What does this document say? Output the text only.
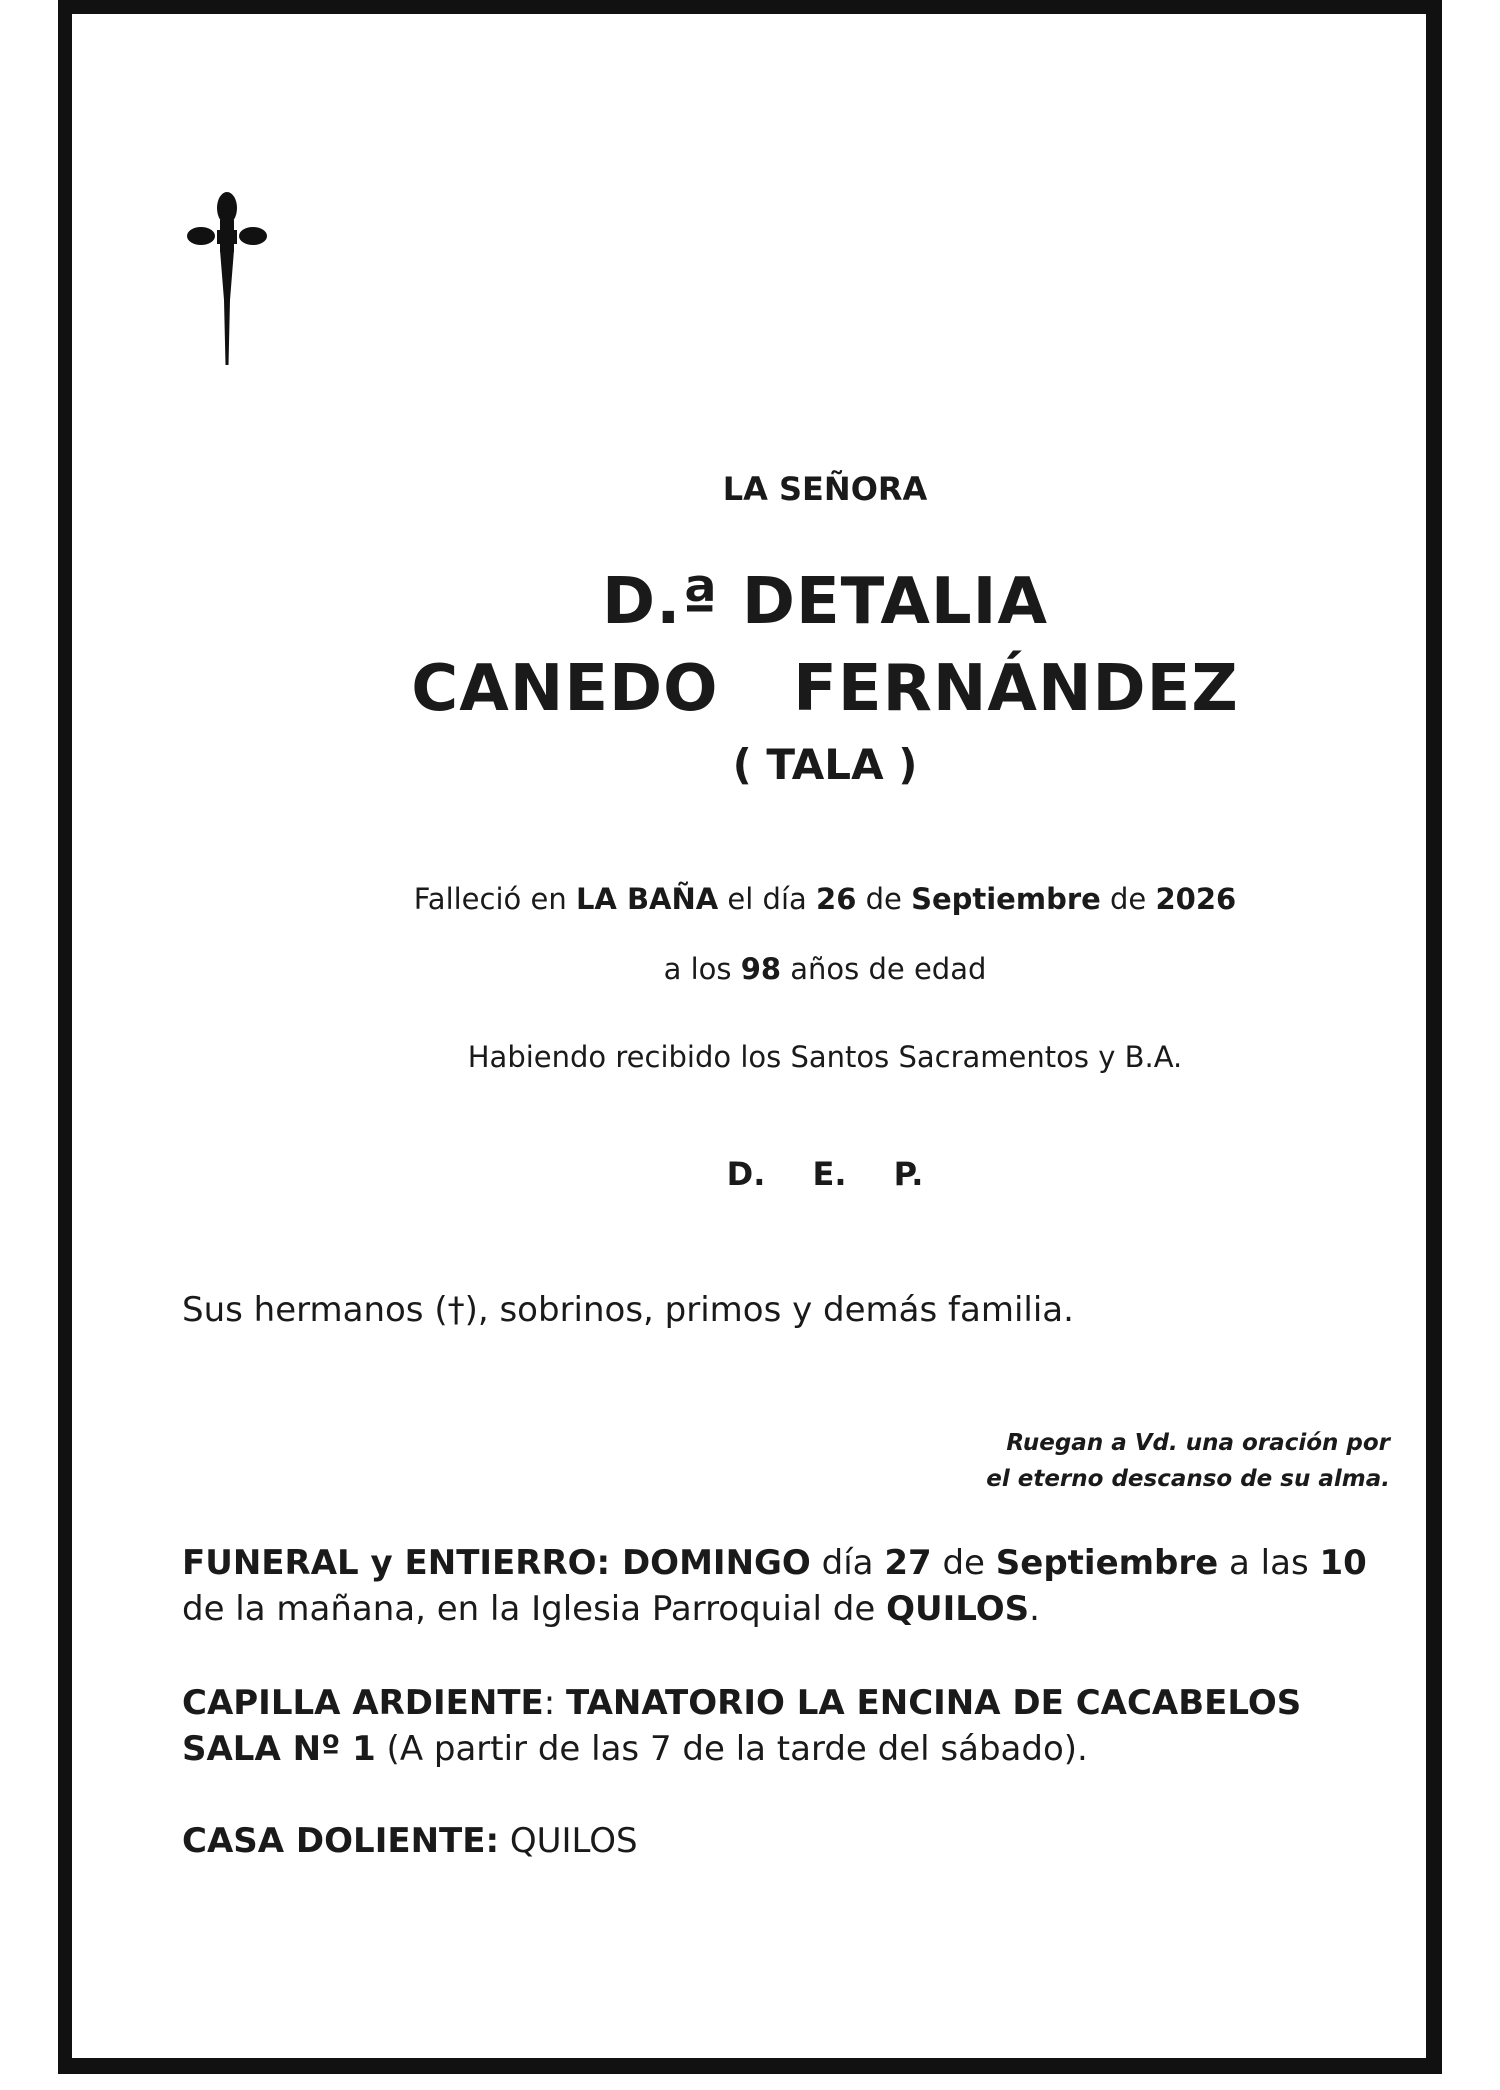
LA SEÑORA
D.ª DETALIA
CANEDO  FERNÁNDEZ
( TALA )
Falleció en LA BAÑA el día 26 de Septiembre de 2026
a los 98 años de edad
Habiendo recibido los Santos Sacramentos y B.A.
D. E. P.
Sus hermanos (†), sobrinos, primos y demás familia.
Ruegan a Vd. una oración por
el eterno descanso de su alma.
FUNERAL y ENTIERRO: DOMINGO día 27 de Septiembre a las 10 de la mañana, en la Iglesia Parroquial de QUILOS.
CAPILLA ARDIENTE: TANATORIO LA ENCINA DE CACABELOS
SALA Nº 1 (A partir de las 7 de la tarde del sábado).
CASA DOLIENTE: QUILOS
